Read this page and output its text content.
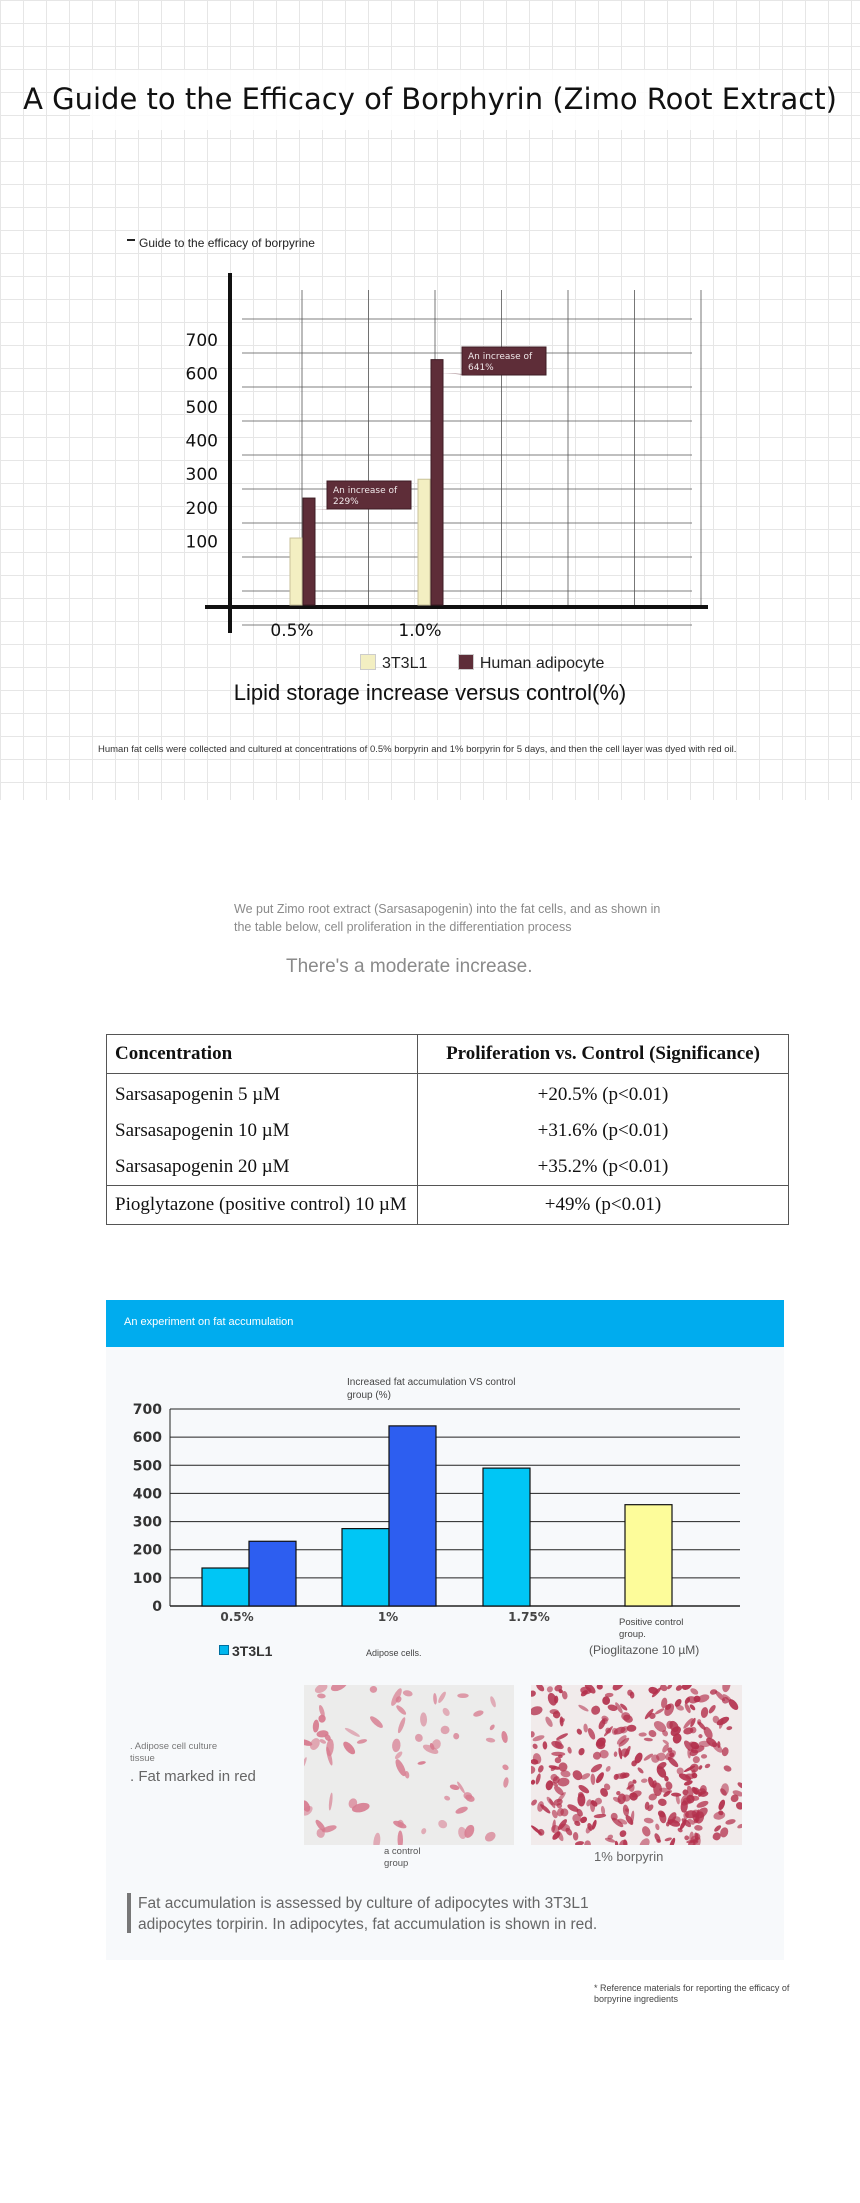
A Guide to the Efficacy of Borphyrin (Zimo Root Extract)
Guide to the efficacy of borpyrine
100
200
300
400
500
600
700
0.5%	1.0%
An increase of
229%
An increase of
641%
3T3L1	Human adipocyte
Lipid storage increase versus control(%)
Human fat cells were collected and cultured at concentrations of 0.5% borpyrin and 1% borpyrin for 5 days, and then the cell layer was dyed with red oil.
We put Zimo root extract (Sarsasapogenin) into the fat cells, and as shown in the table below, cell proliferation in the differentiation process
There's a moderate increase.
Concentration	Proliferation vs. Control (Significance)
Sarsasapogenin 5 µM	+20.5% (p<0.01)
Sarsasapogenin 10 µM	+31.6% (p<0.01)
Sarsasapogenin 20 µM	+35.2% (p<0.01)
Pioglytazone (positive control) 10 µM	+49% (p<0.01)
An experiment on fat accumulation
Increased fat accumulation VS control group (%)
0
100
200
300
400
500
600
700
0.5%	1%	1.75%	Positive control group.
(Pioglitazone 10 µM)
3T3L1	Adipose cells.
. Adipose cell culture tissue
. Fat marked in red
a control group	1% borpyrin
Fat accumulation is assessed by culture of adipocytes with 3T3L1 adipocytes torpirin. In adipocytes, fat accumulation is shown in red.
* Reference materials for reporting the efficacy of borpyrine ingredients
